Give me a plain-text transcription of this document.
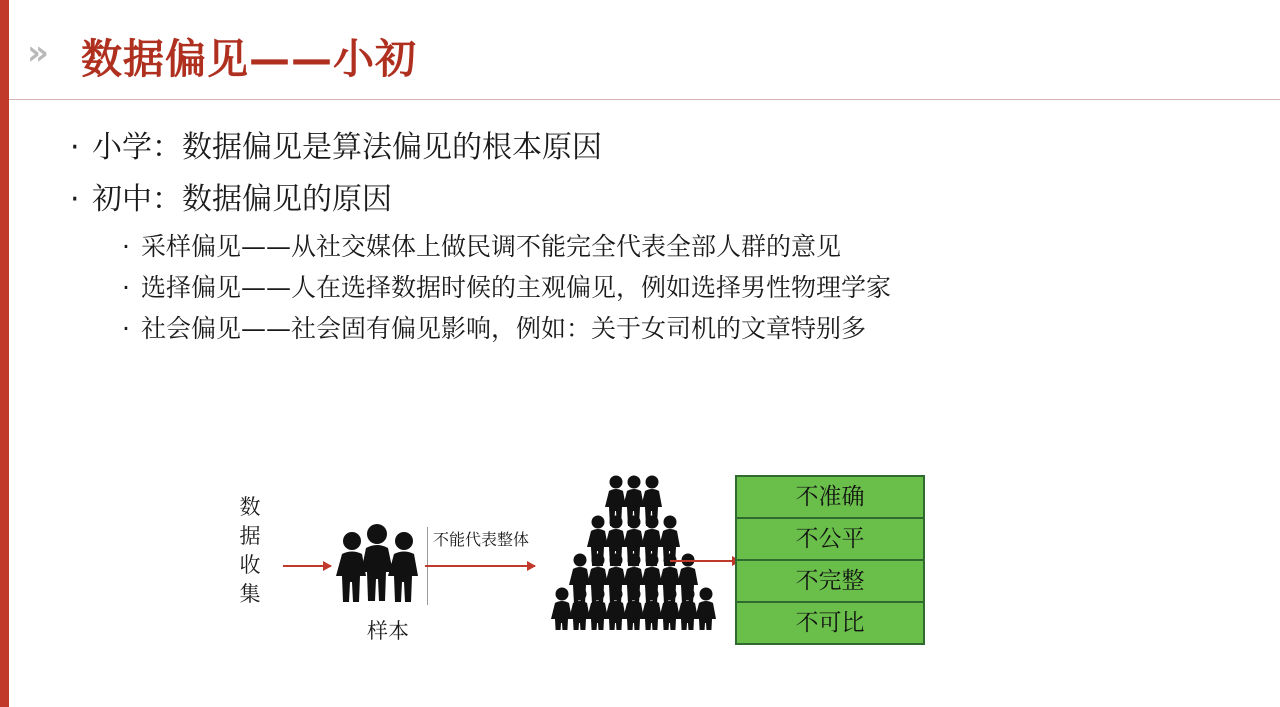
» 数据偏见——小初
· 小学：数据偏见是算法偏见的根本原因
· 初中：数据偏见的原因
· 采样偏见——从社交媒体上做民调不能完全代表全部人群的意见
· 选择偏见——人在选择数据时候的主观偏见，例如选择男性物理学家
· 社会偏见——社会固有偏见影响，例如：关于女司机的文章特别多
数
据
收
集
样本
不能代表整体
不准确
不公平
不完整
不可比
